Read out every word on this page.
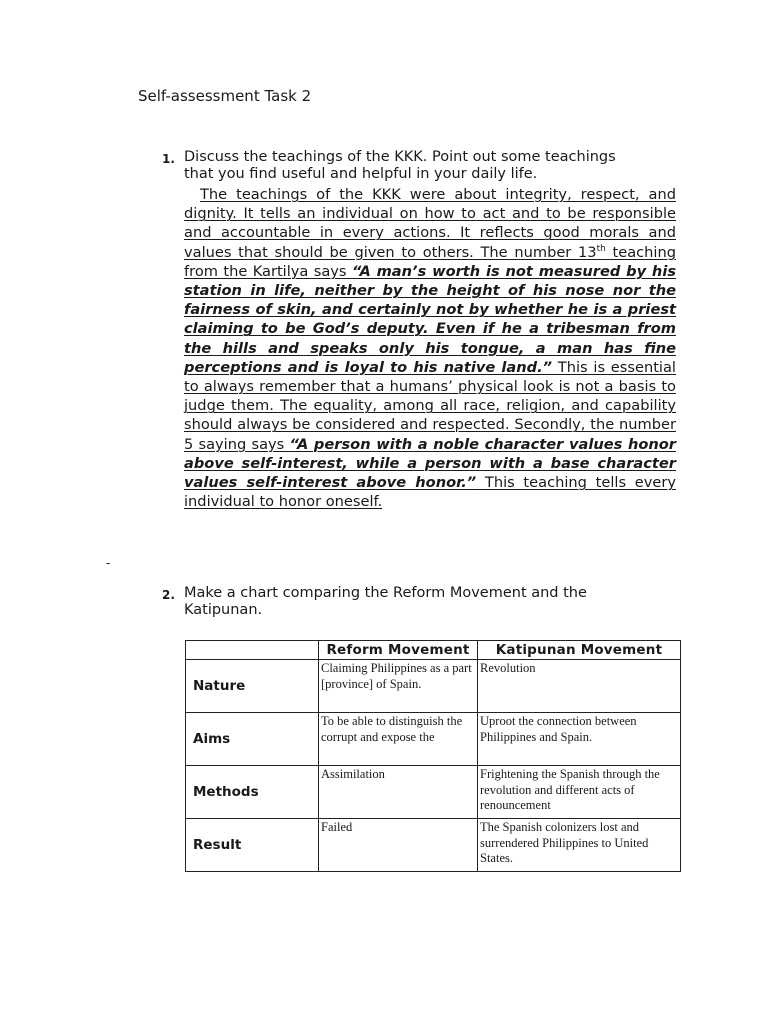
Self-assessment Task 2
1. Discuss the teachings of the KKK. Point out some teachings
that you find useful and helpful in your daily life.
The teachings of the KKK were about integrity, respect, and dignity. It tells an individual on how to act and to be responsible and accountable in every actions. It reflects good morals and values that should be given to others. The number 13th teaching from the Kartilya says “A man’s worth is not measured by his station in life, neither by the height of his nose nor the fairness of skin, and certainly not by whether he is a priest claiming to be God’s deputy. Even if he a tribesman from the hills and speaks only his tongue, a man has fine perceptions and is loyal to his native land.” This is essential to always remember that a humans’ physical look is not a basis to judge them. The equality, among all race, religion, and capability should always be considered and respected. Secondly, the number 5 saying says “A person with a noble character values honor above self-interest, while a person with a base character values self-interest above honor.” This teaching tells every individual to honor oneself.
-
2. Make a chart comparing the Reform Movement and the
Katipunan.
	Reform Movement	Katipunan Movement
Nature	Claiming Philippines as a part [province] of Spain.	Revolution
Aims	To be able to distinguish the corrupt and expose the	Uproot the connection between Philippines and Spain.
Methods	Assimilation	Frightening the Spanish through the revolution and different acts of renouncement
Result	Failed	The Spanish colonizers lost and surrendered Philippines to United States.
